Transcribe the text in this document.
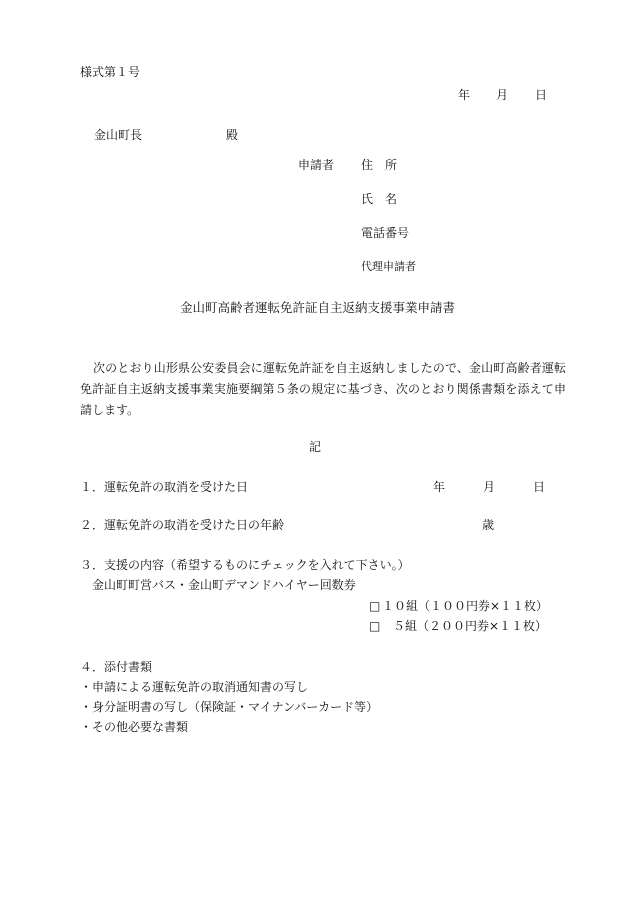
様式第１号
年 月 日
金山町長	殿
申請者 住　所
氏　名
電話番号
代理申請者
金山町高齢者運転免許証自主返納支援事業申請書
次のとおり山形県公安委員会に運転免許証を自主返納しましたので、金山町高齢者運転免許証自主返納支援事業実施要綱第５条の規定に基づき、次のとおり関係書類を添えて申請します。
記
１．運転免許の取消を受けた日	年	月	日
２．運転免許の取消を受けた日の年齢	歳
３．支援の内容（希望するものにチェックを入れて下さい。）
金山町町営バス・金山町デマンドハイヤー回数券
□ １０組（１００円券×１１枚）
□ ５組（２００円券×１１枚）
４．添付書類
・申請による運転免許の取消通知書の写し
・身分証明書の写し（保険証・マイナンバーカード等）
・その他必要な書類
